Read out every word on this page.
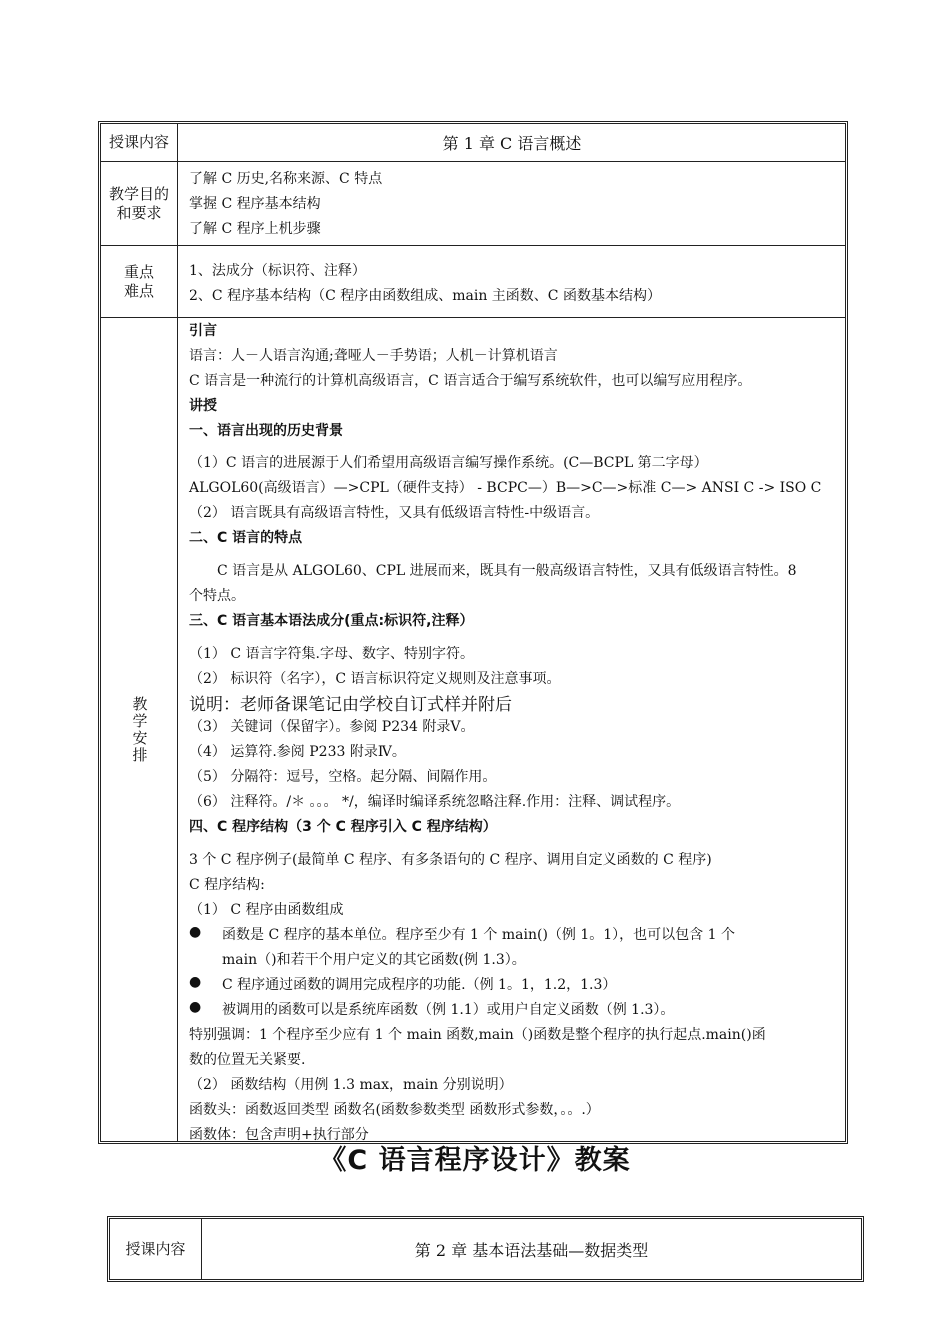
授课内容	第 1 章 C 语言概述
教学目的
和要求
了解 C 历史,名称来源、C 特点
掌握 C 程序基本结构
了解 C 程序上机步骤
重点
难点
1、法成分（标识符、注释）
2、C 程序基本结构（C 程序由函数组成、main 主函数、C 函数基本结构）
教学安排
引言
语言：人－人语言沟通;聋哑人－手势语；人机－计算机语言
C 语言是一种流行的计算机高级语言，C 语言适合于编写系统软件，也可以编写应用程序。
讲授
一、语言出现的历史背景
（1）C 语言的进展源于人们希望用高级语言编写操作系统。(C—BCPL 第二字母）
ALGOL60(高级语言）—>CPL（硬件支持） - BCPC—）B—>C—>标准 C—> ANSI C -> ISO C
（2） 语言既具有高级语言特性，又具有低级语言特性-中级语言。
二、C 语言的特点
C 语言是从 ALGOL60、CPL 进展而来，既具有一般高级语言特性，又具有低级语言特性。8
个特点。
三、C 语言基本语法成分(重点:标识符,注释）
（1） C 语言字符集.字母、数字、特别字符。
（2） 标识符（名字），C 语言标识符定义规则及注意事项。
说明：老师备课笔记由学校自订式样并附后
（3） 关键词（保留字）。参阅 P234 附录Ⅴ。
（4） 运算符.参阅 P233 附录Ⅳ。
（5） 分隔符：逗号，空格。起分隔、间隔作用。
（6） 注释符。/＊ 。。。 */，编译时编译系统忽略注释.作用：注释、调试程序。
四、C 程序结构（3 个 C 程序引入 C 程序结构）
3 个 C 程序例子(最简单 C 程序、有多条语句的 C 程序、调用自定义函数的 C 程序)
C 程序结构:
（1） C 程序由函数组成
● 函数是 C 程序的基本单位。程序至少有 1 个 main()（例 1。1），也可以包含 1 个
main（)和若干个用户定义的其它函数(例 1.3）。
● C 程序通过函数的调用完成程序的功能.（例 1。1，1.2，1.3）
● 被调用的函数可以是系统库函数（例 1.1）或用户自定义函数（例 1.3）。
特别强调：1 个程序至少应有 1 个 main 函数,main（)函数是整个程序的执行起点.main()函
数的位置无关紧要.
（2） 函数结构（用例 1.3 max，main 分别说明）
函数头：函数返回类型 函数名(函数参数类型 函数形式参数，。。.）
函数体：包含声明+执行部分
《C 语言程序设计》教案
授课内容	第 2 章 基本语法基础—数据类型
